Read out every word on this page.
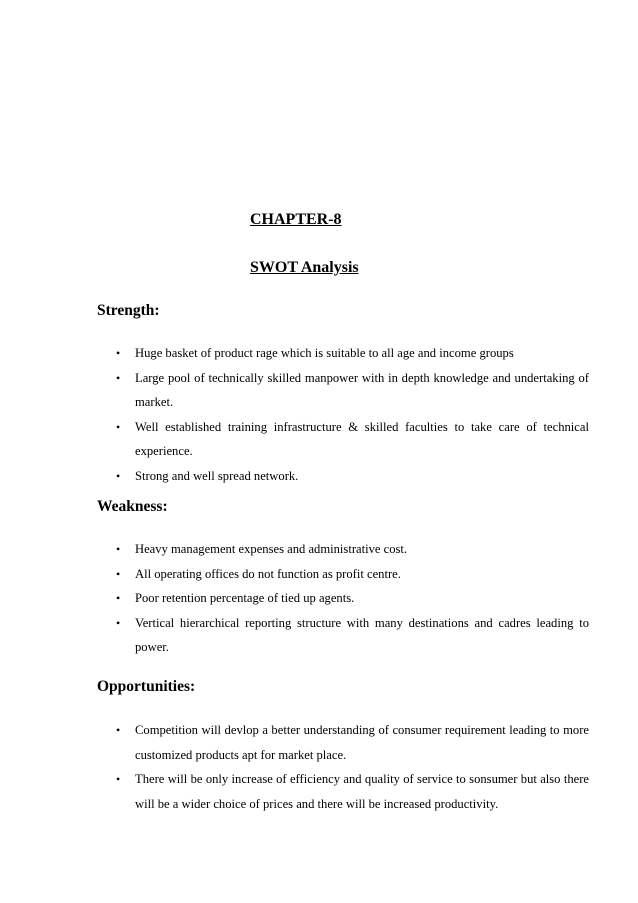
CHAPTER-8
SWOT Analysis
Strength:
• Huge basket of product rage which is suitable to all age and income groups
• Large pool of technically skilled manpower with in depth knowledge and undertaking of market.
• Well established training infrastructure & skilled faculties to take care of technical experience.
• Strong and well spread network.
Weakness:
• Heavy management expenses and administrative cost.
• All operating offices do not function as profit centre.
• Poor retention percentage of tied up agents.
• Vertical hierarchical reporting structure with many destinations and cadres leading to power.
Opportunities:
• Competition will devlop a better understanding of consumer requirement leading to more customized products apt for market place.
• There will be only increase of efficiency and quality of service to sonsumer but also there will be a wider choice of prices and there will be increased productivity.
